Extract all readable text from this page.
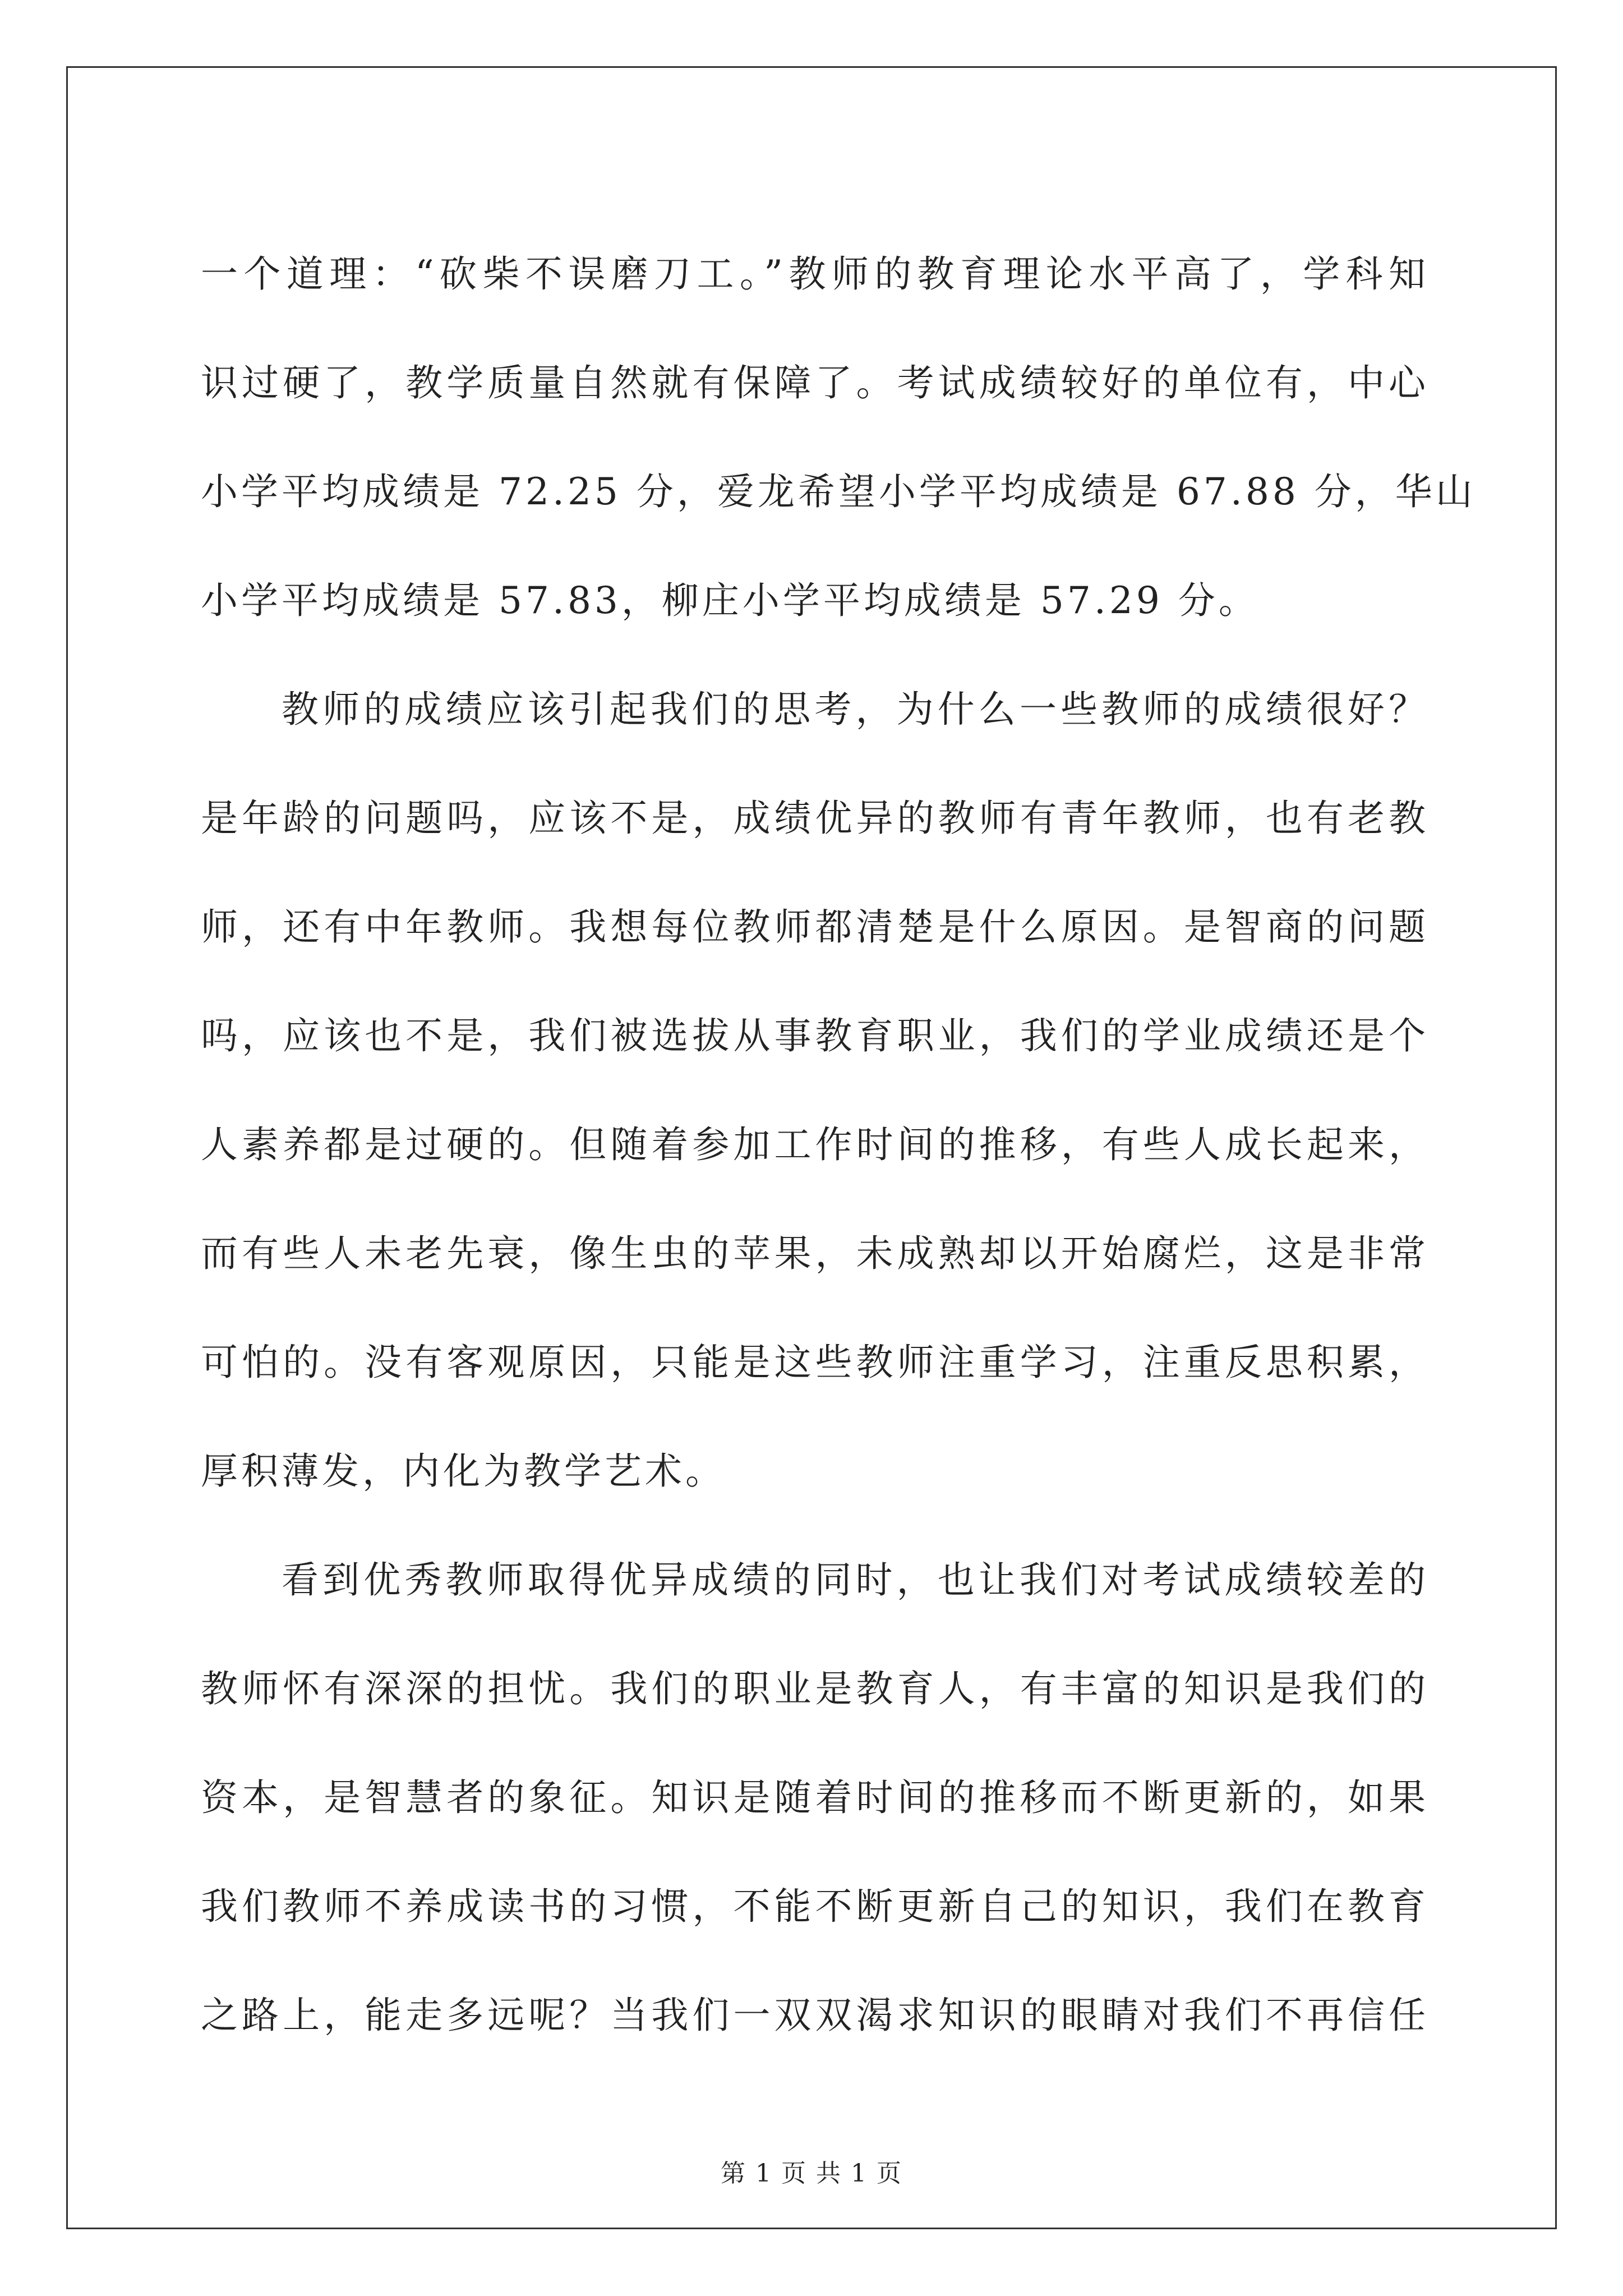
一个道理：“砍柴不误磨刀工。”教师的教育理论水平高了，学科知
识过硬了，教学质量自然就有保障了。考试成绩较好的单位有，中心
小学平均成绩是 72.25 分，爱龙希望小学平均成绩是 67.88 分，华山
小学平均成绩是 57.83，柳庄小学平均成绩是 57.29 分。
教师的成绩应该引起我们的思考，为什么一些教师的成绩很好？
是年龄的问题吗，应该不是，成绩优异的教师有青年教师，也有老教
师，还有中年教师。我想每位教师都清楚是什么原因。是智商的问题
吗，应该也不是，我们被选拔从事教育职业，我们的学业成绩还是个
人素养都是过硬的。但随着参加工作时间的推移，有些人成长起来，
而有些人未老先衰，像生虫的苹果，未成熟却以开始腐烂，这是非常
可怕的。没有客观原因，只能是这些教师注重学习，注重反思积累，
厚积薄发，内化为教学艺术。
看到优秀教师取得优异成绩的同时，也让我们对考试成绩较差的
教师怀有深深的担忧。我们的职业是教育人，有丰富的知识是我们的
资本，是智慧者的象征。知识是随着时间的推移而不断更新的，如果
我们教师不养成读书的习惯，不能不断更新自己的知识，我们在教育
之路上，能走多远呢？当我们一双双渴求知识的眼睛对我们不再信任
第 1 页 共 1 页
